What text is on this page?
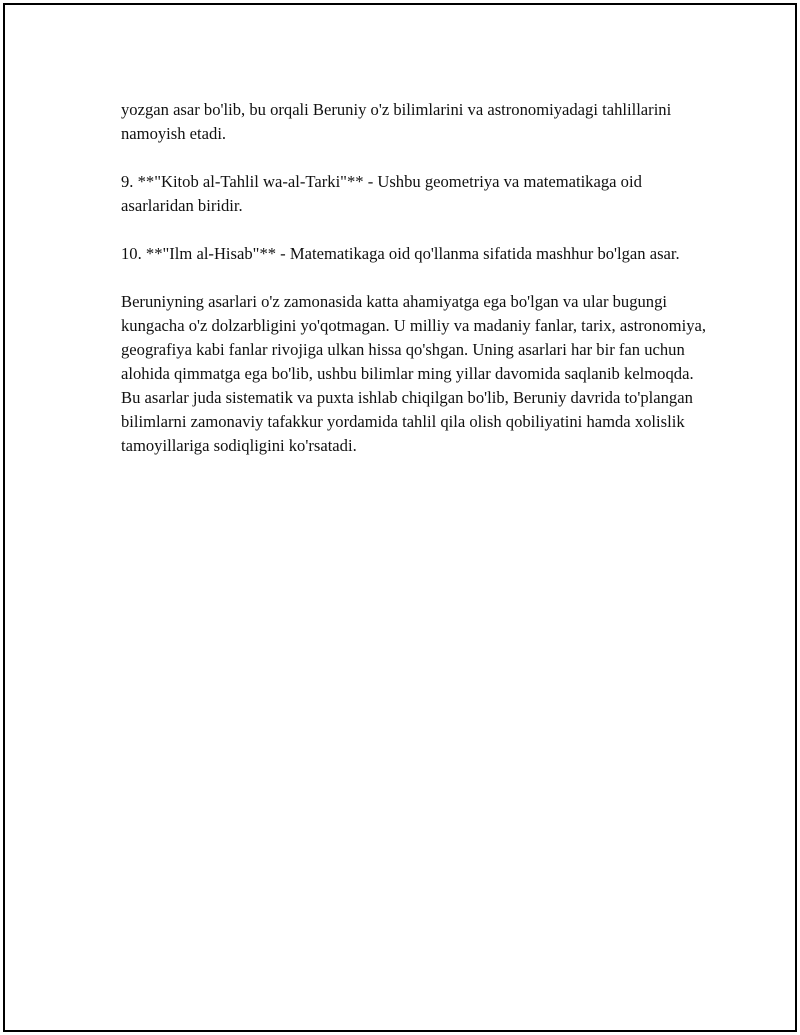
yozgan asar bo'lib, bu orqali Beruniy o'z bilimlarini va astronomiyadagi tahlillarini namoyish etadi.

9. **"Kitob al-Tahlil wa-al-Tarki"** - Ushbu geometriya va matematikaga oid asarlaridan biridir.

10. **"Ilm al-Hisab"** - Matematikaga oid qo'llanma sifatida mashhur bo'lgan asar.

Beruniyning asarlari o'z zamonasida katta ahamiyatga ega bo'lgan va ular bugungi kungacha o'z dolzarbligini yo'qotmagan. U milliy va madaniy fanlar, tarix, astronomiya, geografiya kabi fanlar rivojiga ulkan hissa qo'shgan. Uning asarlari har bir fan uchun alohida qimmatga ega bo'lib, ushbu bilimlar ming yillar davomida saqlanib kelmoqda. Bu asarlar juda sistematik va puxta ishlab chiqilgan bo'lib, Beruniy davrida to'plangan bilimlarni zamonaviy tafakkur yordamida tahlil qila olish qobiliyatini hamda xolislik tamoyillariga sodiqligini ko'rsatadi.
